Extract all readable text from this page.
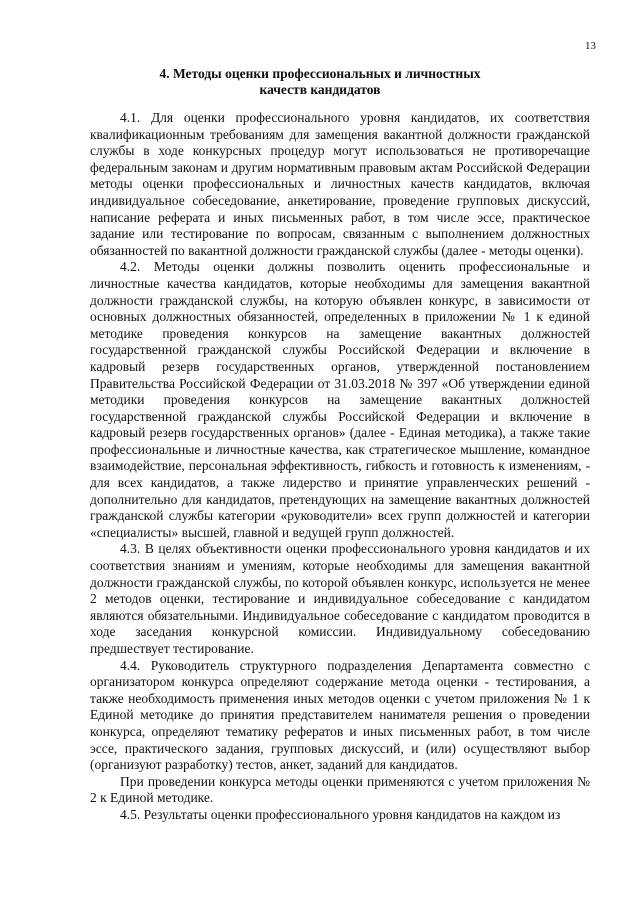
13
4. Методы оценки профессиональных и личностных
качеств кандидатов

4.1. Для оценки профессионального уровня кандидатов, их соответствия квалификационным требованиям для замещения вакантной должности гражданской службы в ходе конкурсных процедур могут использоваться не противоречащие федеральным законам и другим нормативным правовым актам Российской Федерации методы оценки профессиональных и личностных качеств кандидатов, включая индивидуальное собеседование, анкетирование, проведение групповых дискуссий, написание реферата и иных письменных работ, в том числе эссе, практическое задание или тестирование по вопросам, связанным с выполнением должностных обязанностей по вакантной должности гражданской службы (далее - методы оценки).

4.2. Методы оценки должны позволить оценить профессиональные и личностные качества кандидатов, которые необходимы для замещения вакантной должности гражданской службы, на которую объявлен конкурс, в зависимости от основных должностных обязанностей, определенных в приложении № 1 к единой методике проведения конкурсов на замещение вакантных должностей государственной гражданской службы Российской Федерации и включение в кадровый резерв государственных органов, утвержденной постановлением Правительства Российской Федерации от 31.03.2018 № 397 «Об утверждении единой методики проведения конкурсов на замещение вакантных должностей государственной гражданской службы Российской Федерации и включение в кадровый резерв государственных органов» (далее - Единая методика), а также такие профессиональные и личностные качества, как стратегическое мышление, командное взаимодействие, персональная эффективность, гибкость и готовность к изменениям, - для всех кандидатов, а также лидерство и принятие управленческих решений - дополнительно для кандидатов, претендующих на замещение вакантных должностей гражданской службы категории «руководители» всех групп должностей и категории «специалисты» высшей, главной и ведущей групп должностей.

4.3. В целях объективности оценки профессионального уровня кандидатов и их соответствия знаниям и умениям, которые необходимы для замещения вакантной должности гражданской службы, по которой объявлен конкурс, используется не менее 2 методов оценки, тестирование и индивидуальное собеседование с кандидатом являются обязательными. Индивидуальное собеседование с кандидатом проводится в ходе заседания конкурсной комиссии. Индивидуальному собеседованию предшествует тестирование.

4.4. Руководитель структурного подразделения Департамента совместно с организатором конкурса определяют содержание метода оценки - тестирования, а также необходимость применения иных методов оценки с учетом приложения № 1 к Единой методике до принятия представителем нанимателя решения о проведении конкурса, определяют тематику рефератов и иных письменных работ, в том числе эссе, практического задания, групповых дискуссий, и (или) осуществляют выбор (организуют разработку) тестов, анкет, заданий для кандидатов.

При проведении конкурса методы оценки применяются с учетом приложения № 2 к Единой методике.

4.5. Результаты оценки профессионального уровня кандидатов на каждом из
